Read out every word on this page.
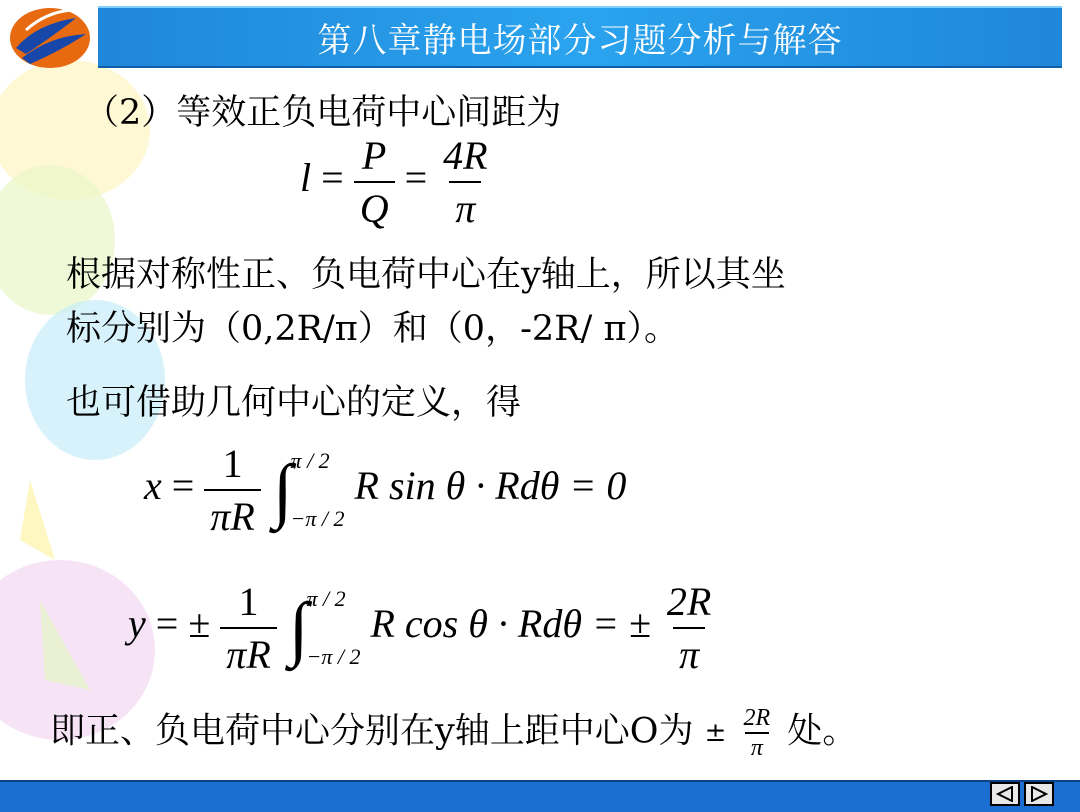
第八章 静电场部分习题分析与解答
（2）等效正负电荷中心间距为
$l = \frac{P}{Q} = \frac{4R}{\pi}$
根据对称性正、负电荷中心在y轴上，所以其坐
标分别为（0,2R/π）和（0，-2R/ π）。
也可借助几何中心的定义，得
$x = \frac{1}{\pi R}$
∫
π / 2
−π / 2
R sin θ · Rdθ = 0
y = ± $\frac{1}{\pi R}$
∫
π / 2
−π / 2
R cos θ · Rdθ = ± $\frac{2R}{\pi}$
即正、负电荷中心分别在y轴上距中心O为 ± $\frac{2R}{\pi}$ 处。
